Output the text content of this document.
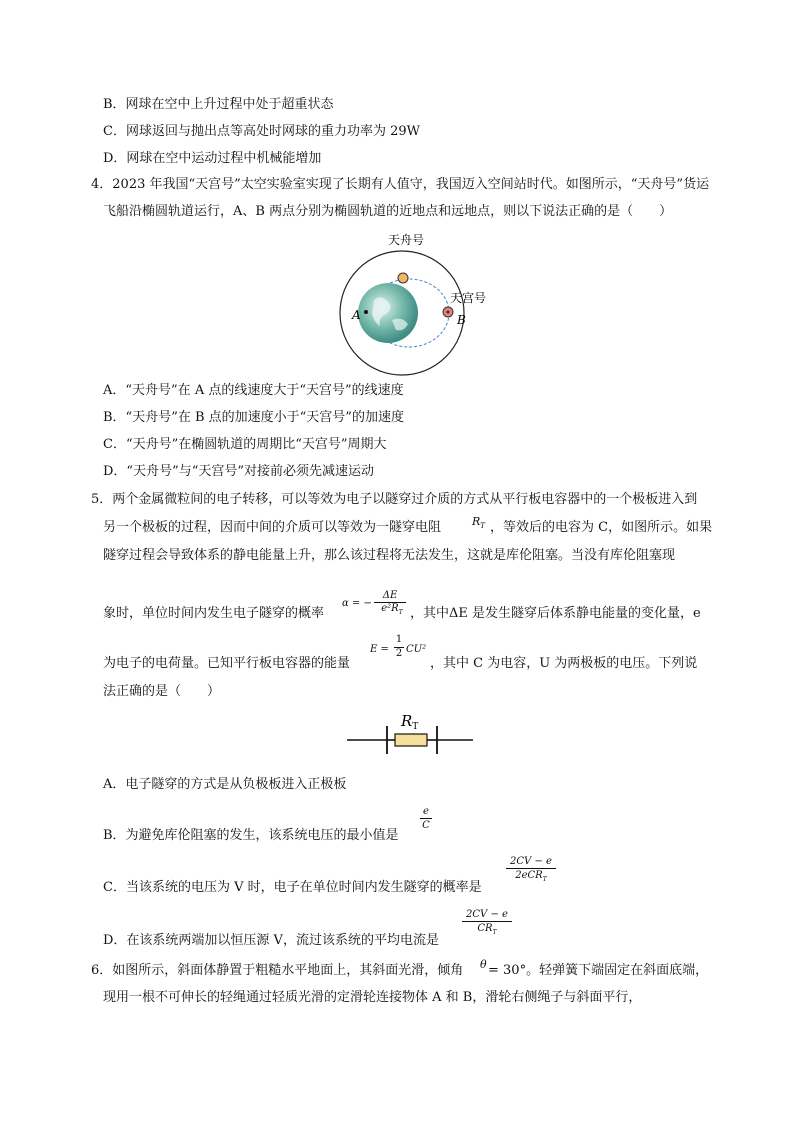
B．网球在空中上升过程中处于超重状态
C．网球返回与抛出点等高处时网球的重力功率为 29W
D．网球在空中运动过程中机械能增加
4．2023 年我国“天宫号”太空实验室实现了长期有人值守，我国迈入空间站时代。如图所示，“天舟号”货运
飞船沿椭圆轨道运行，A、B 两点分别为椭圆轨道的近地点和远地点，则以下说法正确的是（　　）
A
天舟号
天宫号
B
A．“天舟号”在 A 点的线速度大于“天宫号”的线速度
B．“天舟号”在 B 点的加速度小于“天宫号”的加速度
C．“天舟号”在椭圆轨道的周期比“天宫号”周期大
D．“天舟号”与“天宫号”对接前必须先减速运动
5．两个金属微粒间的电子转移，可以等效为电子以隧穿过介质的方式从平行板电容器中的一个极板进入到
另一个极板的过程，因而中间的介质可以等效为一隧穿电阻	$R_T$ ，等效后的电容为 C，如图所示。如果
隧穿过程会导致体系的静电能量上升，那么该过程将无法发生，这就是库伦阻塞。当没有库伦阻塞现
象时，单位时间内发生电子隧穿的概率
α = −
ΔE
$e^2R_T$ ，其中ΔE 是发生隧穿后体系静电能量的变化量，e
为电子的电荷量。已知平行板电容器的能量
E =
1
2 CU²
，其中 C 为电容，U 为两极板的电压。下列说
法正确的是（　　）
$R_T$
A．电子隧穿的方式是从负极板进入正极板
B．为避免库伦阻塞的发生，该系统电压的最小值是
e
C
C．当该系统的电压为 V 时，电子在单位时间内发生隧穿的概率是
2CV − e
2eCR$_T$
D．在该系统两端加以恒压源 V，流过该系统的平均电流是
2CV − e
$CR_T$
6．如图所示，斜面体静置于粗糙水平地面上，其斜面光滑，倾角 θ = 30°。轻弹簧下端固定在斜面底端，
现用一根不可伸长的轻绳通过轻质光滑的定滑轮连接物体 A 和 B，滑轮右侧绳子与斜面平行，
